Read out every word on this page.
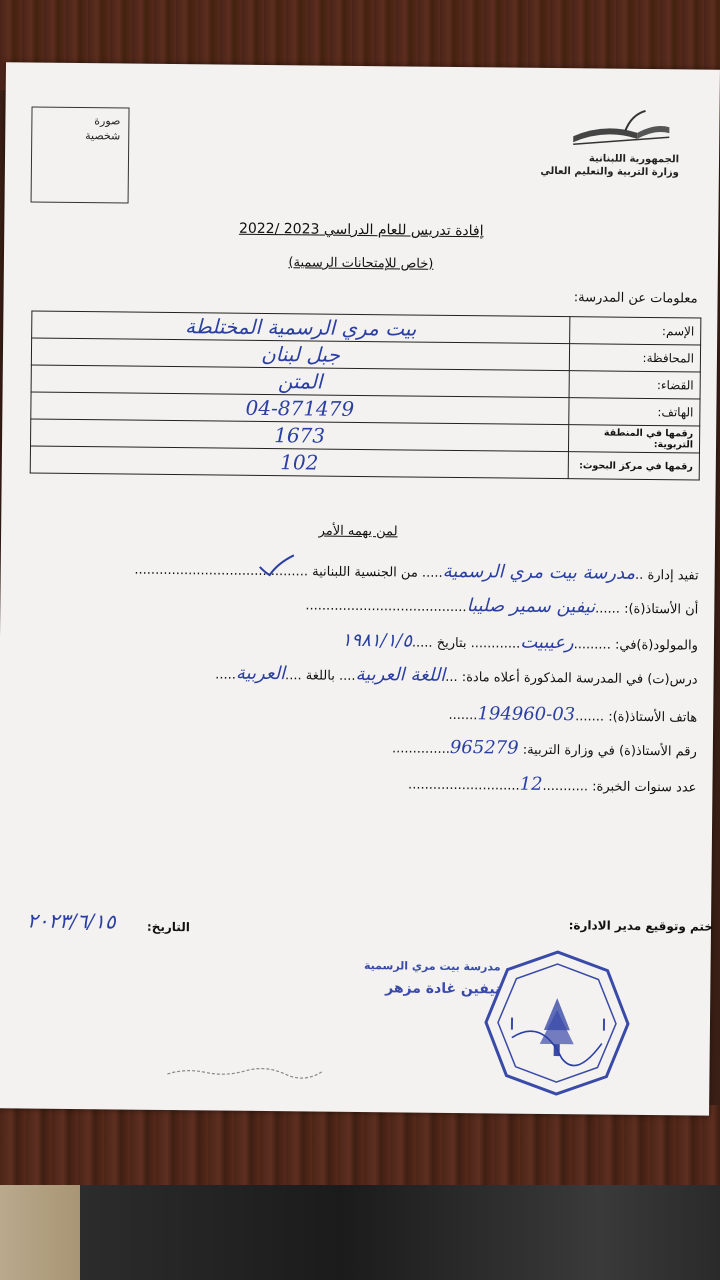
صورة
شخصية
الجمهورية اللبنانية
وزارة التربية والتعليم العالي
إفادة تدريس للعام الدراسي 2023 /2022
(خاص للإمتحانات الرسمية)
معلومات عن المدرسة:
بيت مري الرسمية المختلطة	الإسم:
جبل لبنان	المحافظة:
المتن	القضاء:
04-871479	الهاتف:
1673	رقمها في المنطقة التربوية:
102	رقمها في مركز البحوث:
لمن يهمه الأمر
تفيد إدارة ..مدرسة بيت مري الرسمية..... من الجنسية اللبنانية ..........................................
أن الأستاذ(ة): ......نيفين سمير صليبا.......................................
والمولود(ة)في: .........رعيبيت............ بتاريخ .....١٩٨١/١/٥
درس(ت) في المدرسة المذكورة أعلاه مادة: ...اللغة العربية.... باللغة ....العربية.....
هاتف الأستاذ(ة): .......03-194960.......
رقم الأستاذ(ة) في وزارة التربية: 965279..............
عدد سنوات الخبرة: ...........12...........................
ختم وتوقيع مدير الادارة:
التاريخ:
٢٠٢٣/٦/١٥
مدرسة بيت مري الرسمية
نيفين غادة مزهر
